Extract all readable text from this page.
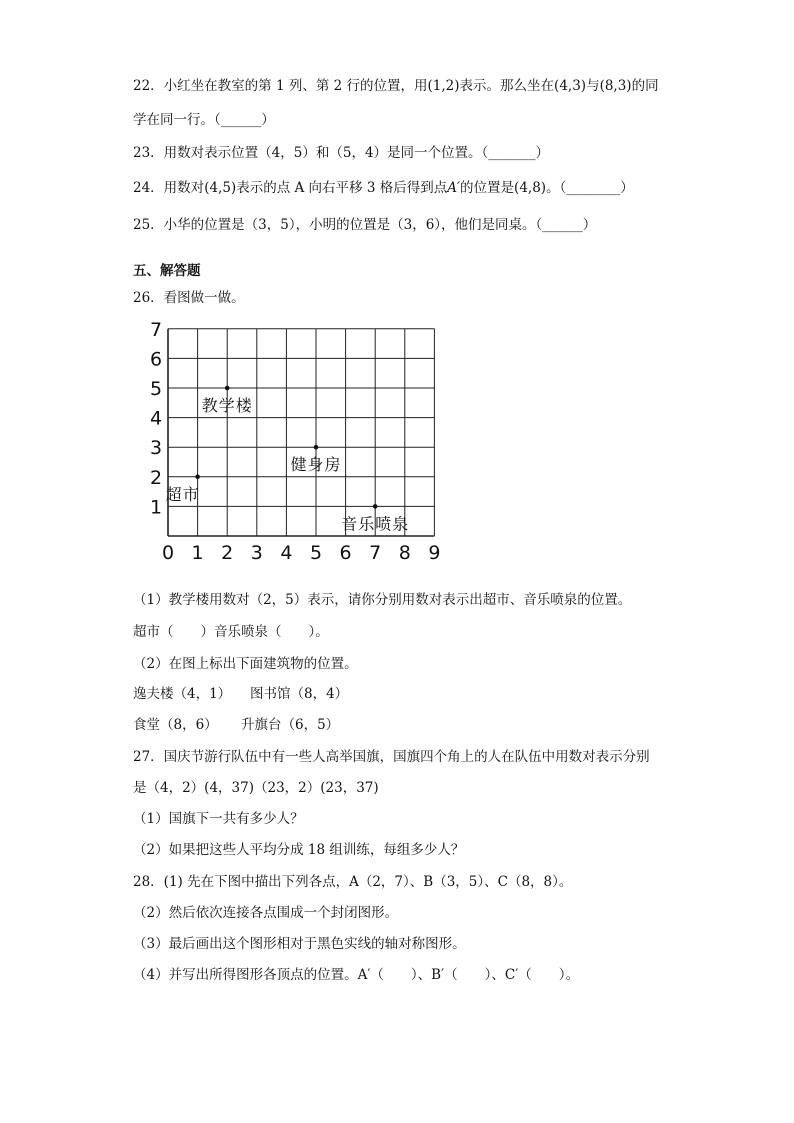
22．小红坐在教室的第 1 列、第 2 行的位置，用(1,2)表示。那么坐在(4,3)与(8,3)的同
学在同一行。（______）
23．用数对表示位置（4，5）和（5，4）是同一个位置。（_______）
24．用数对(4,5)表示的点 A 向右平移 3 格后得到点A′的位置是(4,8)。（________）
25．小华的位置是（3，5），小明的位置是（3，6），他们是同桌。（______）
五、解答题
26．看图做一做。
0 1 2 3 4 5 6 7 8 9
1
2
3
4
5
6
7
教学楼
健身房
超市
音乐喷泉
（1）教学楼用数对（2，5）表示，请你分别用数对表示出超市、音乐喷泉的位置。
超市（　　）音乐喷泉（　　）。
（2）在图上标出下面建筑物的位置。
逸夫楼（4，1） 图书馆（8，4）
食堂（8，6） 升旗台（6，5）
27．国庆节游行队伍中有一些人高举国旗，国旗四个角上的人在队伍中用数对表示分别
是（4，2）(4，37)（23，2）(23，37)
（1）国旗下一共有多少人？
（2）如果把这些人平均分成 18 组训练，每组多少人？
28．(1) 先在下图中描出下列各点，A（2，7）、B（3，5）、C（8，8）。
（2）然后依次连接各点围成一个封闭图形。
（3）最后画出这个图形相对于黑色实线的轴对称图形。
（4）并写出所得图形各顶点的位置。A′（　　）、B′（　　）、C′（　　）。
